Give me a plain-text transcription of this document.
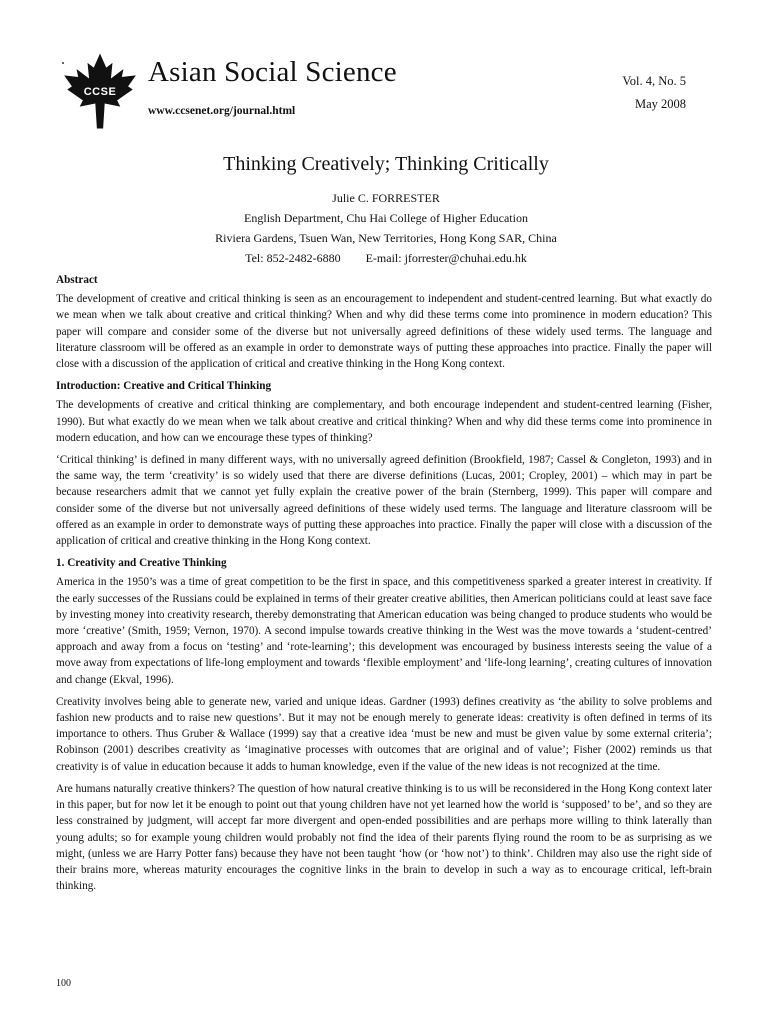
CCSE
Asian Social Science
www.ccsenet.org/journal.html
Vol. 4, No. 5
May 2008
Thinking Creatively; Thinking Critically
Julie C. FORRESTER
English Department, Chu Hai College of Higher Education
Riviera Gardens, Tsuen Wan, New Territories, Hong Kong SAR, China
Tel: 852-2482-6880 E-mail: jforrester@chuhai.edu.hk
Abstract

The development of creative and critical thinking is seen as an encouragement to independent and student-centred learning. But what exactly do we mean when we talk about creative and critical thinking? When and why did these terms come into prominence in modern education? This paper will compare and consider some of the diverse but not universally agreed definitions of these widely used terms. The language and literature classroom will be offered as an example in order to demonstrate ways of putting these approaches into practice. Finally the paper will close with a discussion of the application of critical and creative thinking in the Hong Kong context.

Introduction: Creative and Critical Thinking

The developments of creative and critical thinking are complementary, and both encourage independent and student-centred learning (Fisher, 1990). But what exactly do we mean when we talk about creative and critical thinking? When and why did these terms come into prominence in modern education, and how can we encourage these types of thinking?

‘Critical thinking’ is defined in many different ways, with no universally agreed definition (Brookfield, 1987; Cassel & Congleton, 1993) and in the same way, the term ‘creativity’ is so widely used that there are diverse definitions (Lucas, 2001; Cropley, 2001) – which may in part be because researchers admit that we cannot yet fully explain the creative power of the brain (Sternberg, 1999). This paper will compare and consider some of the diverse but not universally agreed definitions of these widely used terms. The language and literature classroom will be offered as an example in order to demonstrate ways of putting these approaches into practice. Finally the paper will close with a discussion of the application of critical and creative thinking in the Hong Kong context.

1. Creativity and Creative Thinking

America in the 1950’s was a time of great competition to be the first in space, and this competitiveness sparked a greater interest in creativity. If the early successes of the Russians could be explained in terms of their greater creative abilities, then American politicians could at least save face by investing money into creativity research, thereby demonstrating that American education was being changed to produce students who would be more ‘creative’ (Smith, 1959; Vernon, 1970). A second impulse towards creative thinking in the West was the move towards a ‘student-centred’ approach and away from a focus on ‘testing’ and ‘rote-learning’; this development was encouraged by business interests seeing the value of a move away from expectations of life-long employment and towards ‘flexible employment’ and ‘life-long learning’, creating cultures of innovation and change (Ekval, 1996).

Creativity involves being able to generate new, varied and unique ideas. Gardner (1993) defines creativity as ‘the ability to solve problems and fashion new products and to raise new questions’. But it may not be enough merely to generate ideas: creativity is often defined in terms of its importance to others. Thus Gruber & Wallace (1999) say that a creative idea ‘must be new and must be given value by some external criteria’; Robinson (2001) describes creativity as ‘imaginative processes with outcomes that are original and of value’; Fisher (2002) reminds us that creativity is of value in education because it adds to human knowledge, even if the value of the new ideas is not recognized at the time.

Are humans naturally creative thinkers? The question of how natural creative thinking is to us will be reconsidered in the Hong Kong context later in this paper, but for now let it be enough to point out that young children have not yet learned how the world is ‘supposed’ to be’, and so they are less constrained by judgment, will accept far more divergent and open-ended possibilities and are perhaps more willing to think laterally than young adults; so for example young children would probably not find the idea of their parents flying round the room to be as surprising as we might, (unless we are Harry Potter fans) because they have not been taught ‘how (or ‘how not’) to think’. Children may also use the right side of their brains more, whereas maturity encourages the cognitive links in the brain to develop in such a way as to encourage critical, left-brain thinking.

100
